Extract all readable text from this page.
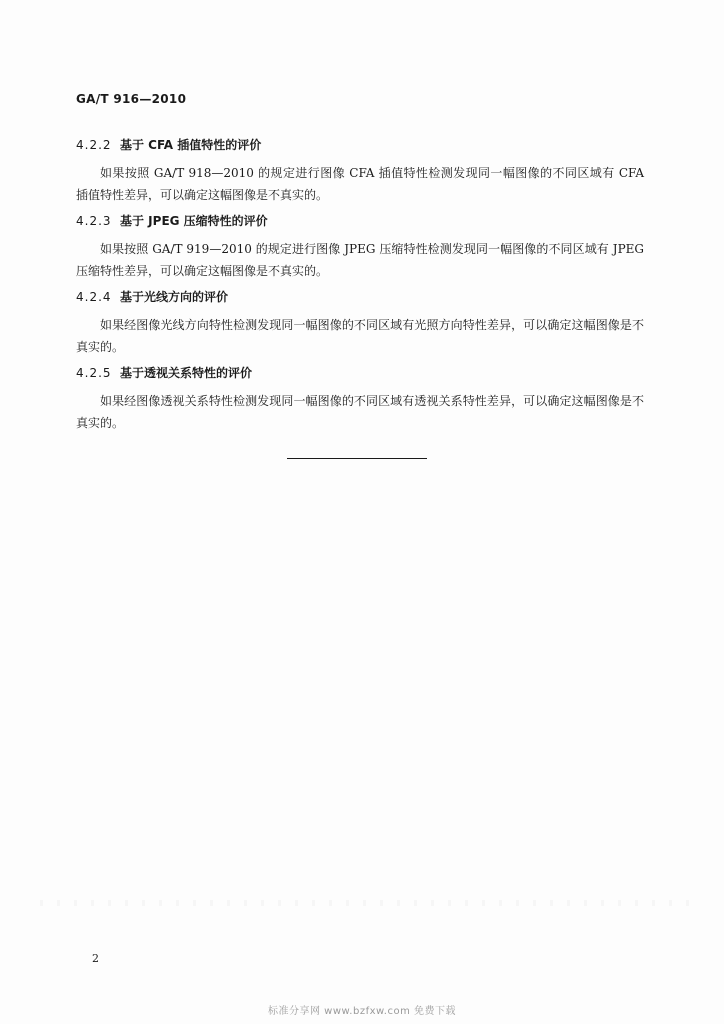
GA/T 916—2010
4.2.2 基于 CFA 插值特性的评价
如果按照 GA/T 918—2010 的规定进行图像 CFA 插值特性检测发现同一幅图像的不同区域有 CFA 插值特性差异，可以确定这幅图像是不真实的。
4.2.3 基于 JPEG 压缩特性的评价
如果按照 GA/T 919—2010 的规定进行图像 JPEG 压缩特性检测发现同一幅图像的不同区域有 JPEG 压缩特性差异，可以确定这幅图像是不真实的。
4.2.4 基于光线方向的评价
如果经图像光线方向特性检测发现同一幅图像的不同区域有光照方向特性差异，可以确定这幅图像是不真实的。
4.2.5 基于透视关系特性的评价
如果经图像透视关系特性检测发现同一幅图像的不同区域有透视关系特性差异，可以确定这幅图像是不真实的。
2
标准分享网 www.bzfxw.com 免费下载
